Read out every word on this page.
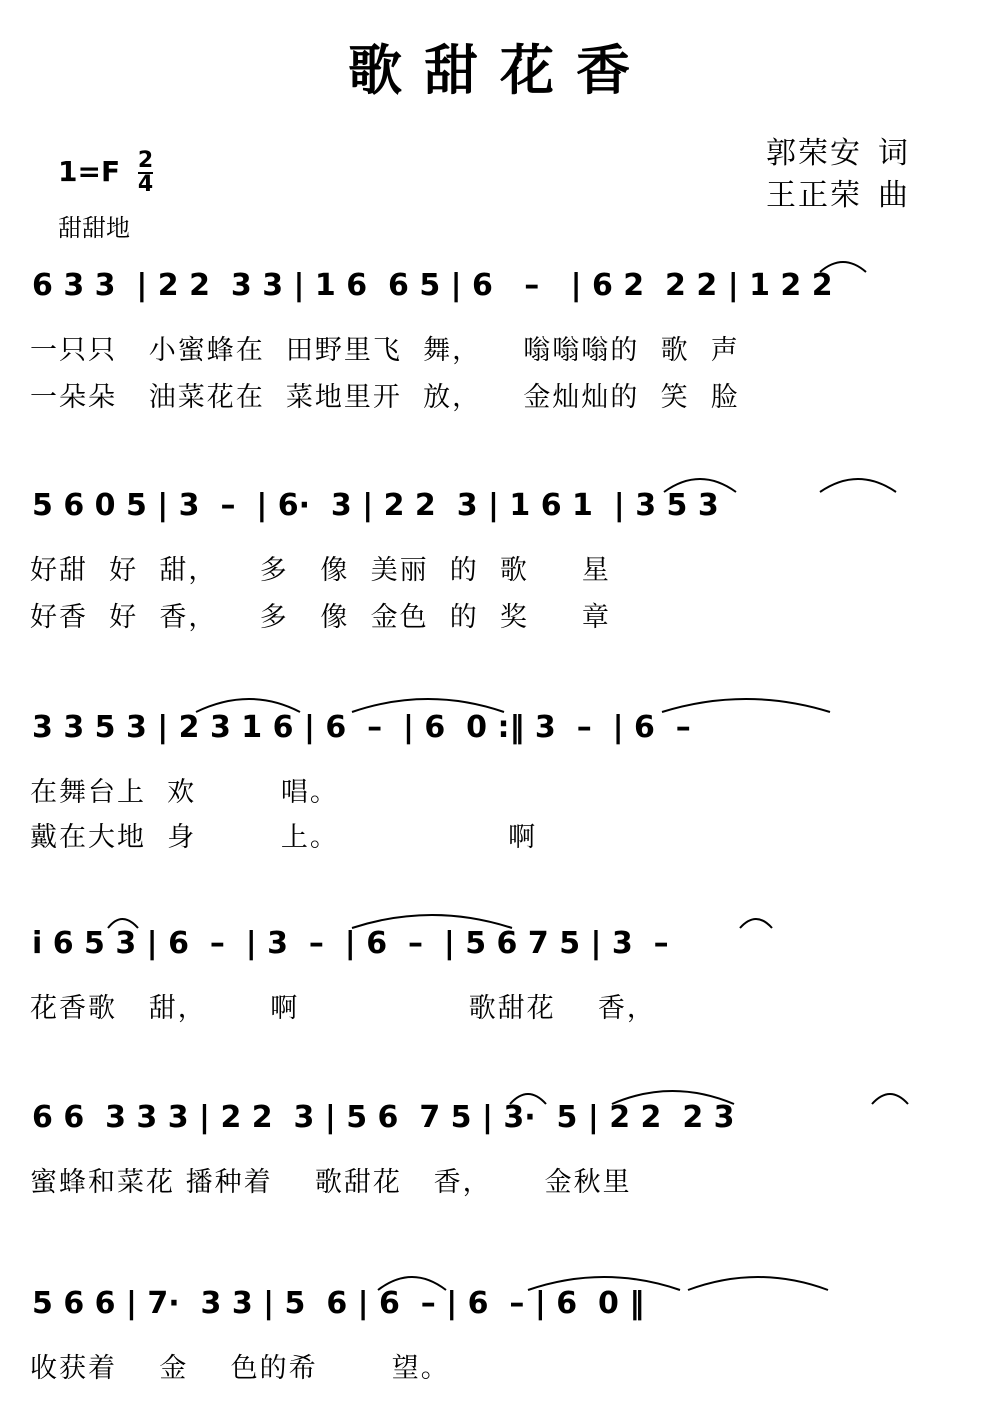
歌甜花香
$1=F \frac{2}{4}$
甜甜地
郭荣安 词
王正荣 曲
6 3 3  | 2 2  3 3 | 1 6  6 5 | 6   –   | 6 2  2 2 | 1 2 2
一只只   小蜜蜂在  田野里飞  舞，    嗡嗡嗡的  歌  声
一朵朵   油菜花在  菜地里开  放，    金灿灿的  笑  脸
5 6 0 5 | 3  –  | 6·  3 | 2 2  3 | 1 6 1  | 3 5 3
好甜  好  甜，    多   像  美丽  的  歌     星
好香  好  香，    多   像  金色  的  奖     章
3 3 5 3 | 2 3 1 6 | 6  –  | 6  0 :‖ 3  –  | 6  –
在舞台上  欢        唱。
戴在大地  身        上。                啊
i 6 5 3 | 6  –  | 3  –  | 6  –  | 5 6 7 5 | 3  –
花香歌   甜，      啊                歌甜花    香，
6 6  3 3 3 | 2 2  3 | 5 6  7 5 | 3·  5 | 2 2  2 3
蜜蜂和菜花 播种着    歌甜花   香，     金秋里
5 6 6 | 7·  3 3 | 5  6 | 6  – | 6  – | 6  0 ‖
收获着    金    色的希       望。
